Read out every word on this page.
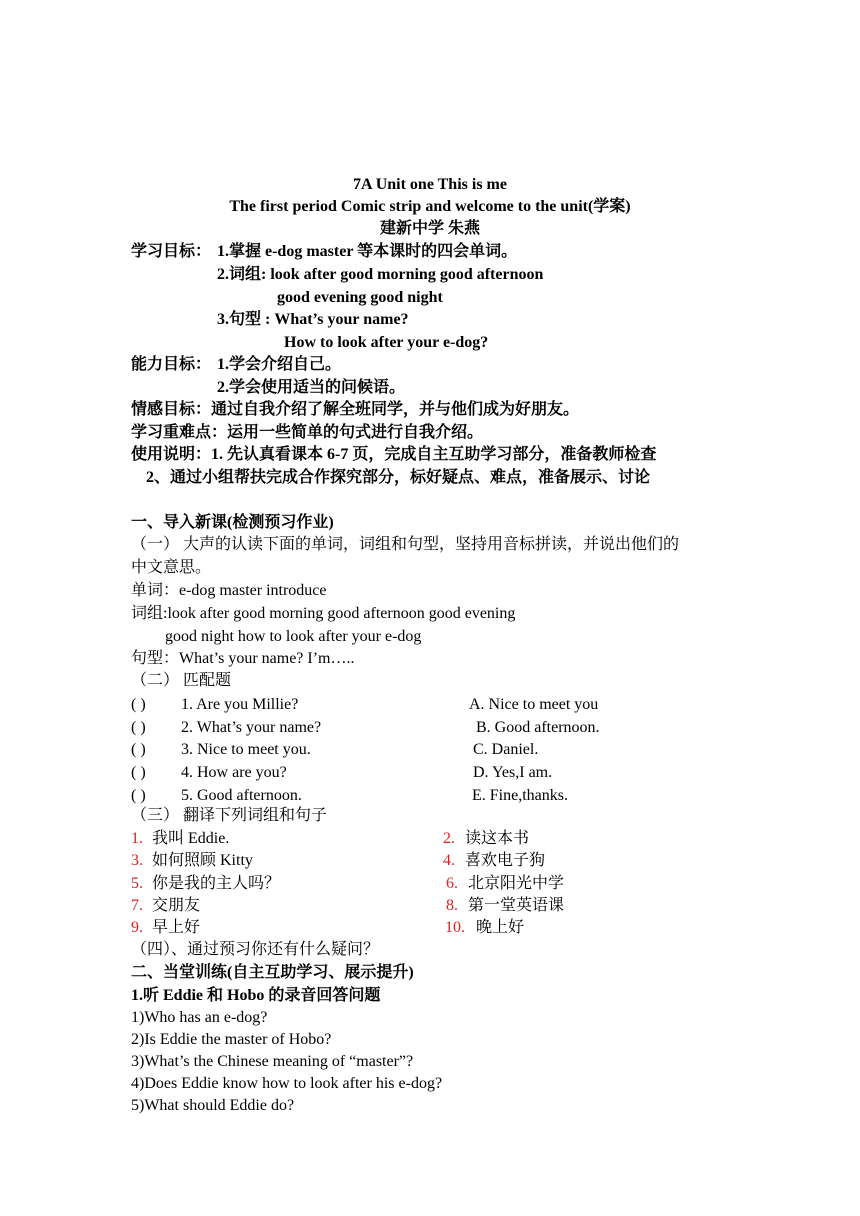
7A Unit one This is me
The first period Comic strip and welcome to the unit(学案)
建新中学 朱燕
学习目标： 1.掌握 e-dog master 等本课时的四会单词。
2.词组: look after good morning good afternoon
good evening good night
3.句型 : What’s your name?
How to look after your e-dog?
能力目标： 1.学会介绍自己。
2.学会使用适当的问候语。
情感目标：通过自我介绍了解全班同学，并与他们成为好朋友。
学习重难点：运用一些简单的句式进行自我介绍。
使用说明：1. 先认真看课本 6-7 页，完成自主互助学习部分，准备教师检查
2、通过小组帮扶完成合作探究部分，标好疑点、难点，准备展示、讨论
一、导入新课(检测预习作业)
（一） 大声的认读下面的单词，词组和句型，坚持用音标拼读，并说出他们的
中文意思。
单词：e-dog master introduce
词组:look after good morning good afternoon good evening
good night how to look after your e-dog
句型：What’s your name? I’m…..
（二） 匹配题
( ) 1. Are you Millie?	A. Nice to meet you
( ) 2. What’s your name?	B. Good afternoon.
( ) 3. Nice to meet you.	C. Daniel.
( ) 4. How are you?	D. Yes,I am.
( ) 5. Good afternoon.	E. Fine,thanks.
（三） 翻译下列词组和句子
1. 我叫 Eddie.	2. 读这本书
3. 如何照顾 Kitty	4. 喜欢电子狗
5. 你是我的主人吗？	6. 北京阳光中学
7. 交朋友	8. 第一堂英语课
9. 早上好	10. 晚上好
（四）、通过预习你还有什么疑问？
二、当堂训练(自主互助学习、展示提升)
1.听 Eddie 和 Hobo 的录音回答问题
1)Who has an e-dog?
2)Is Eddie the master of Hobo?
3)What’s the Chinese meaning of “master”?
4)Does Eddie know how to look after his e-dog?
5)What should Eddie do?
